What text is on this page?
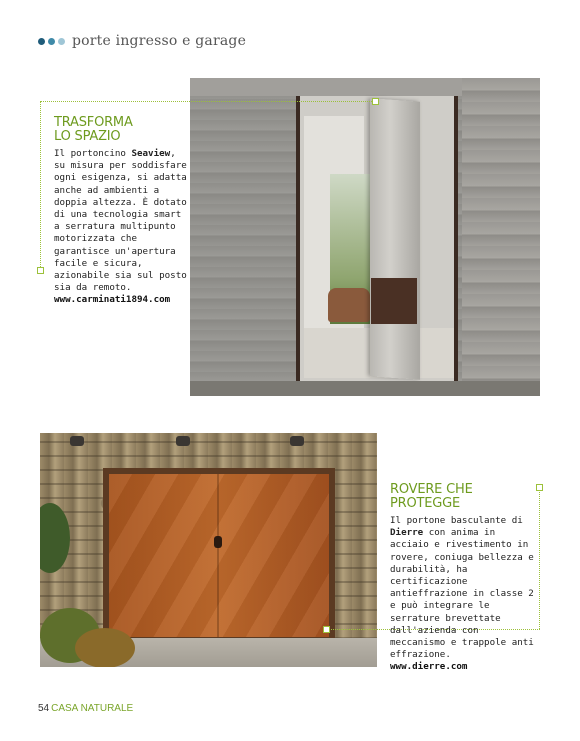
porte ingresso e garage
TRASFORMA
LO SPAZIO
Il portoncino Seaview, su misura per soddisfare ogni esigenza, si adatta anche ad ambienti a doppia altezza. È dotato di una tecnologia smart a serratura multipunto motorizzata che garantisce un'apertura facile e sicura, azionabile sia sul posto sia da remoto.
www.carminati1894.com
ROVERE CHE PROTEGGE
Il portone basculante di Dierre con anima in acciaio e rivestimento in rovere, coniuga bellezza e durabilità, ha certificazione antieffrazione in classe 2 e può integrare le serrature brevettate dall'azienda con meccanismo e trappole anti effrazione.
www.dierre.com
54 CASA NATURALE
